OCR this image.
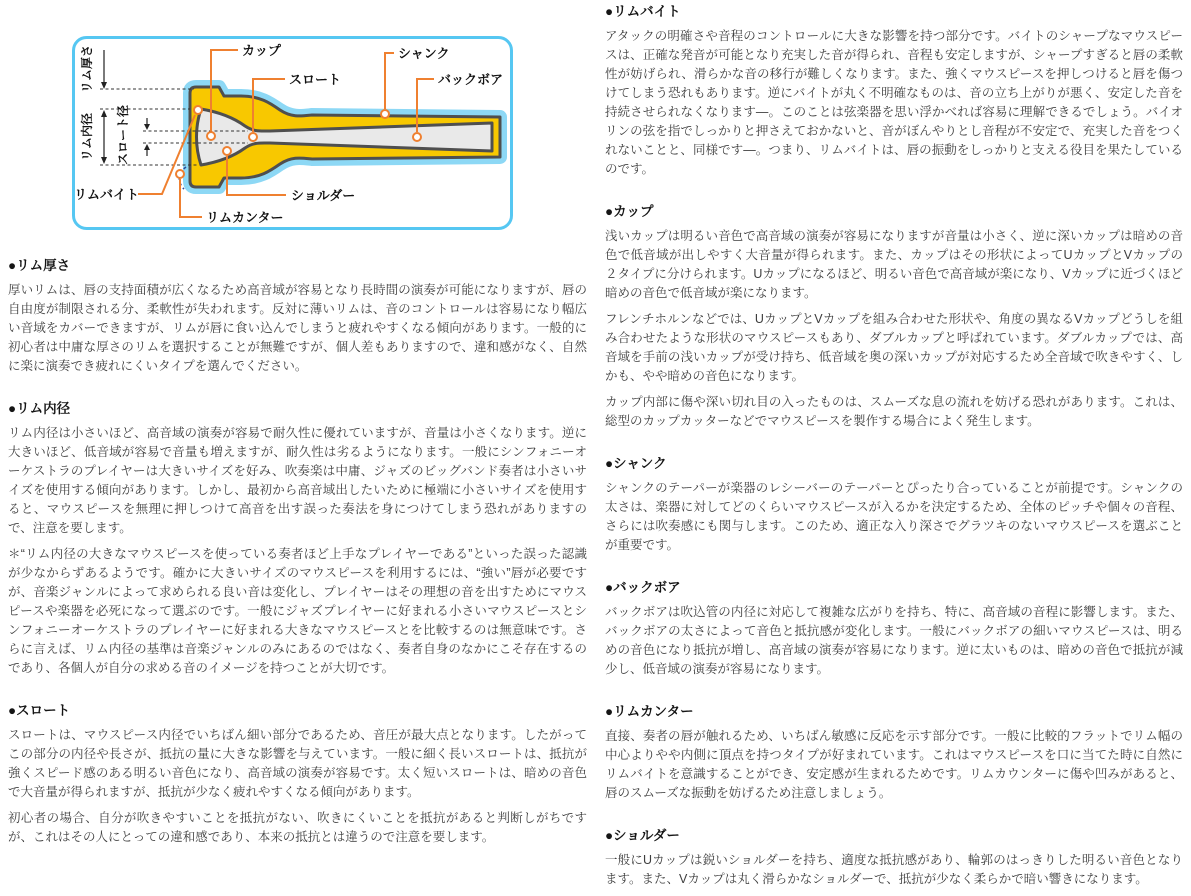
リム厚さ
リム内径 スロート径
カップ
スロート
シャンク
バックボア
リムバイト
リムカンター
ショルダー
●リム厚さ

厚いリムは、唇の支持面積が広くなるため高音域が容易となり長時間の演奏が可能になりますが、唇の自由度が制限される分、柔軟性が失われます。反対に薄いリムは、音のコントロールは容易になり幅広い音域をカバーできますが、リムが唇に食い込んでしまうと疲れやすくなる傾向があります。一般的に初心者は中庸な厚さのリムを選択することが無難ですが、個人差もありますので、違和感がなく、自然に楽に演奏でき疲れにくいタイプを選んでください。

●リム内径

リム内径は小さいほど、高音域の演奏が容易で耐久性に優れていますが、音量は小さくなります。逆に大きいほど、低音域が容易で音量も増えますが、耐久性は劣るようになります。一般にシンフォニーオーケストラのプレイヤーは大きいサイズを好み、吹奏楽は中庸、ジャズのビッグバンド奏者は小さいサイズを使用する傾向があります。しかし、最初から高音域出したいために極端に小さいサイズを使用すると、マウスピースを無理に押しつけて高音を出す誤った奏法を身につけてしまう恐れがありますので、注意を要します。

＊“リム内径の大きなマウスピースを使っている奏者ほど上手なプレイヤーである”といった誤った認識が少なからずあるようです。確かに大きいサイズのマウスピースを利用するには、“強い”唇が必要ですが、音楽ジャンルによって求められる良い音は変化し、プレイヤーはその理想の音を出すためにマウスピースや楽器を必死になって選ぶのです。一般にジャズプレイヤーに好まれる小さいマウスピースとシンフォニーオーケストラのプレイヤーに好まれる大きなマウスピースとを比較するのは無意味です。さらに言えば、リム内径の基準は音楽ジャンルのみにあるのではなく、奏者自身のなかにこそ存在するのであり、各個人が自分の求める音のイメージを持つことが大切です。

●スロート

スロートは、マウスピース内径でいちばん細い部分であるため、音圧が最大点となります。したがってこの部分の内径や長さが、抵抗の量に大きな影響を与えています。一般に細く長いスロートは、抵抗が強くスピード感のある明るい音色になり、高音域の演奏が容易です。太く短いスロートは、暗めの音色で大音量が得られますが、抵抗が少なく疲れやすくなる傾向があります。

初心者の場合、自分が吹きやすいことを抵抗がない、吹きにくいことを抵抗があると判断しがちですが、これはその人にとっての違和感であり、本来の抵抗とは違うので注意を要します。

●リムバイト

アタックの明確さや音程のコントロールに大きな影響を持つ部分です。バイトのシャープなマウスピースは、正確な発音が可能となり充実した音が得られ、音程も安定しますが、シャープすぎると唇の柔軟性が妨げられ、滑らかな音の移行が難しくなります。また、強くマウスピースを押しつけると唇を傷つけてしまう恐れもあります。逆にバイトが丸く不明確なものは、音の立ち上がりが悪く、安定した音を持続させられなくなります―。このことは弦楽器を思い浮かべれば容易に理解できるでしょう。バイオリンの弦を指でしっかりと押さえておかないと、音がぼんやりとし音程が不安定で、充実した音をつくれないことと、同様です―。つまり、リムバイトは、唇の振動をしっかりと支える役目を果たしているのです。

●カップ

浅いカップは明るい音色で高音域の演奏が容易になりますが音量は小さく、逆に深いカップは暗めの音色で低音域が出しやすく大音量が得られます。また、カップはその形状によってUカップとVカップの２タイプに分けられます。Uカップになるほど、明るい音色で高音域が楽になり、Vカップに近づくほど暗めの音色で低音域が楽になります。

フレンチホルンなどでは、UカップとVカップを組み合わせた形状や、角度の異なるVカップどうしを組み合わせたような形状のマウスピースもあり、ダブルカップと呼ばれています。ダブルカップでは、高音域を手前の浅いカップが受け持ち、低音域を奥の深いカップが対応するため全音域で吹きやすく、しかも、やや暗めの音色になります。

カップ内部に傷や深い切れ目の入ったものは、スムーズな息の流れを妨げる恐れがあります。これは、総型のカップカッターなどでマウスピースを製作する場合によく発生します。

●シャンク

シャンクのテーパーが楽器のレシーバーのテーパーとぴったり合っていることが前提です。シャンクの太さは、楽器に対してどのくらいマウスピースが入るかを決定するため、全体のピッチや個々の音程、さらには吹奏感にも関与します。このため、適正な入り深さでグラツキのないマウスピースを選ぶことが重要です。

●バックボア

バックボアは吹込管の内径に対応して複雑な広がりを持ち、特に、高音域の音程に影響します。また、バックボアの太さによって音色と抵抗感が変化します。一般にバックボアの細いマウスピースは、明るめの音色になり抵抗が増し、高音域の演奏が容易になります。逆に太いものは、暗めの音色で抵抗が減少し、低音域の演奏が容易になります。

●リムカンター

直接、奏者の唇が触れるため、いちばん敏感に反応を示す部分です。一般に比較的フラットでリム幅の中心よりやや内側に頂点を持つタイプが好まれています。これはマウスピースを口に当てた時に自然にリムバイトを意識することができ、安定感が生まれるためです。リムカウンターに傷や凹みがあると、唇のスムーズな振動を妨げるため注意しましょう。

●ショルダー

一般にUカップは鋭いショルダーを持ち、適度な抵抗感があり、輪郭のはっきりした明るい音色となります。また、Vカップは丸く滑らかなショルダーで、抵抗が少なく柔らかで暗い響きになります。
